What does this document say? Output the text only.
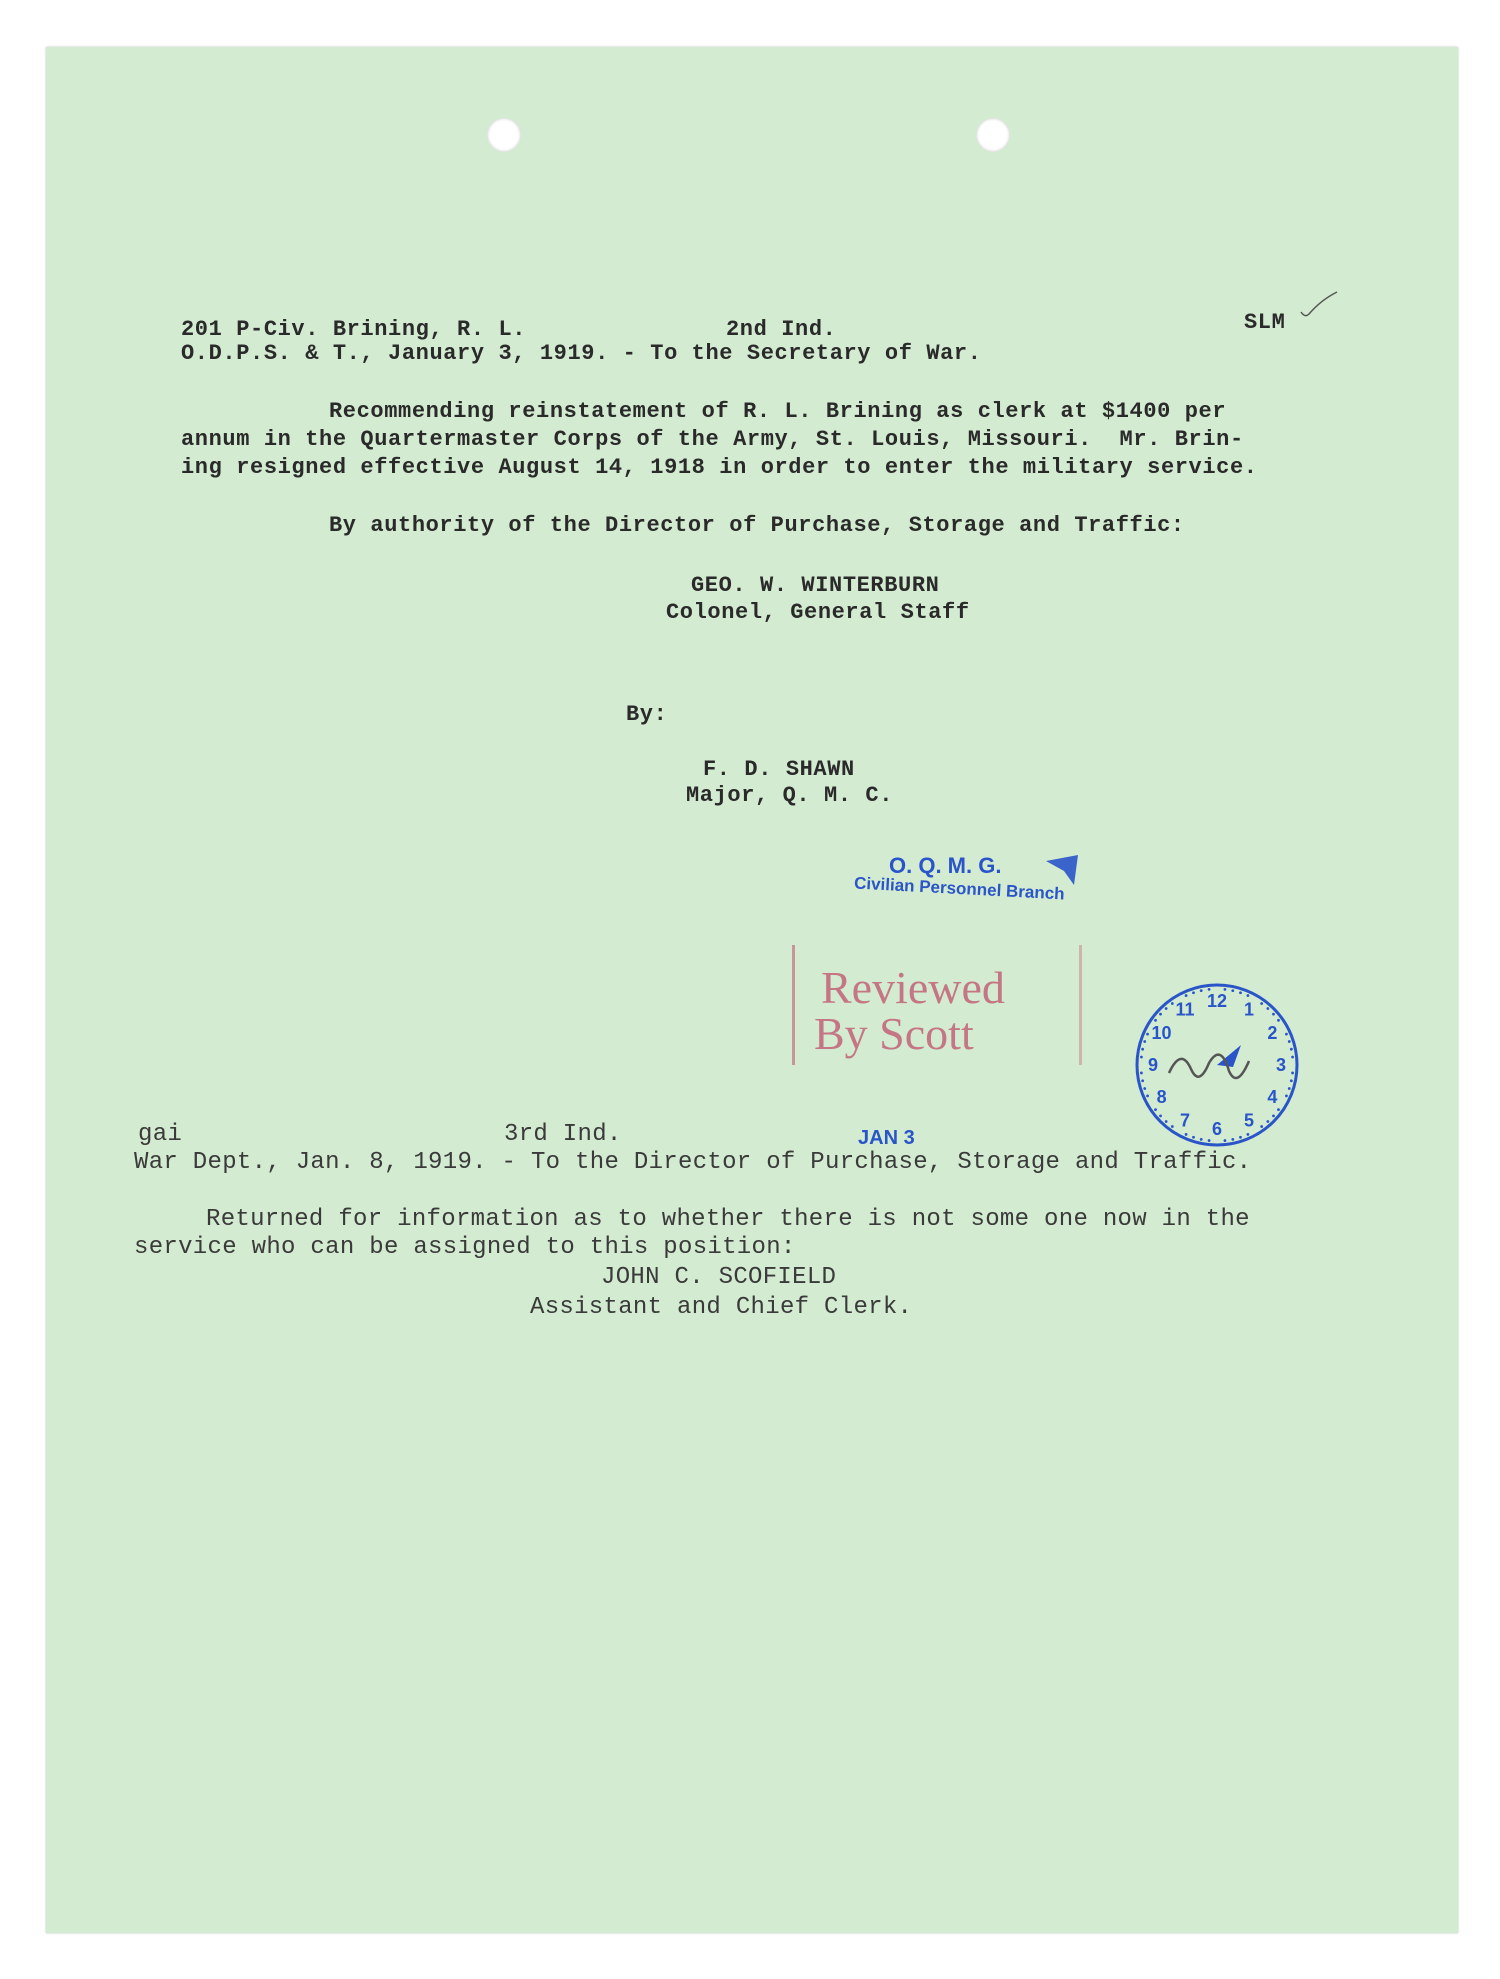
201 P-Civ. Brining, R. L.	2nd Ind.	SLM
O.D.P.S. & T., January 3, 1919. - To the Secretary of War.
Recommending reinstatement of R. L. Brining as clerk at $1400 per
annum in the Quartermaster Corps of the Army, St. Louis, Missouri.  Mr. Brin-
ing resigned effective August 14, 1918 in order to enter the military service.
By authority of the Director of Purchase, Storage and Traffic:
GEO. W. WINTERBURN
Colonel, General Staff
By:
F. D. SHAWN
Major, Q. M. C.
O. Q. M. G.
Civilian Personnel Branch
Reviewed
By Scott
12 1
2
3
4
5
6
7
8
9
10
11
JAN 3
gai	3rd Ind.
War Dept., Jan. 8, 1919. - To the Director of Purchase, Storage and Traffic.
Returned for information as to whether there is not some one now in the
service who can be assigned to this position:
JOHN C. SCOFIELD
Assistant and Chief Clerk.
